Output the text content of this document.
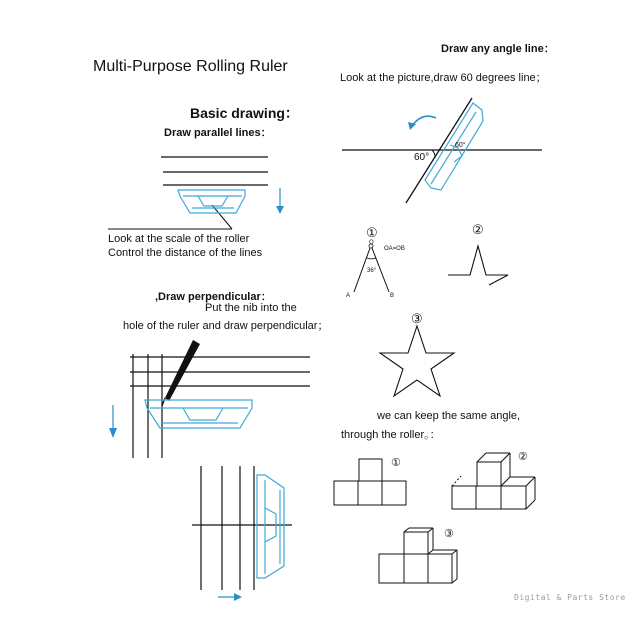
Multi-Purpose Rolling Ruler
Draw any angle line：
Look at the picture,draw 60 degrees line；
Basic drawing：
Draw parallel lines：
Look at the scale of the roller
Control the distance of the lines
,Draw perpendicular：
Put the nib into the
hole of the ruler and draw perpendicular；
we can keep the same angle,
through the roller。：
Digital & Parts Store
60°
60°
①
OA=OB
O
36°
A	B
②
③
①	②
③
